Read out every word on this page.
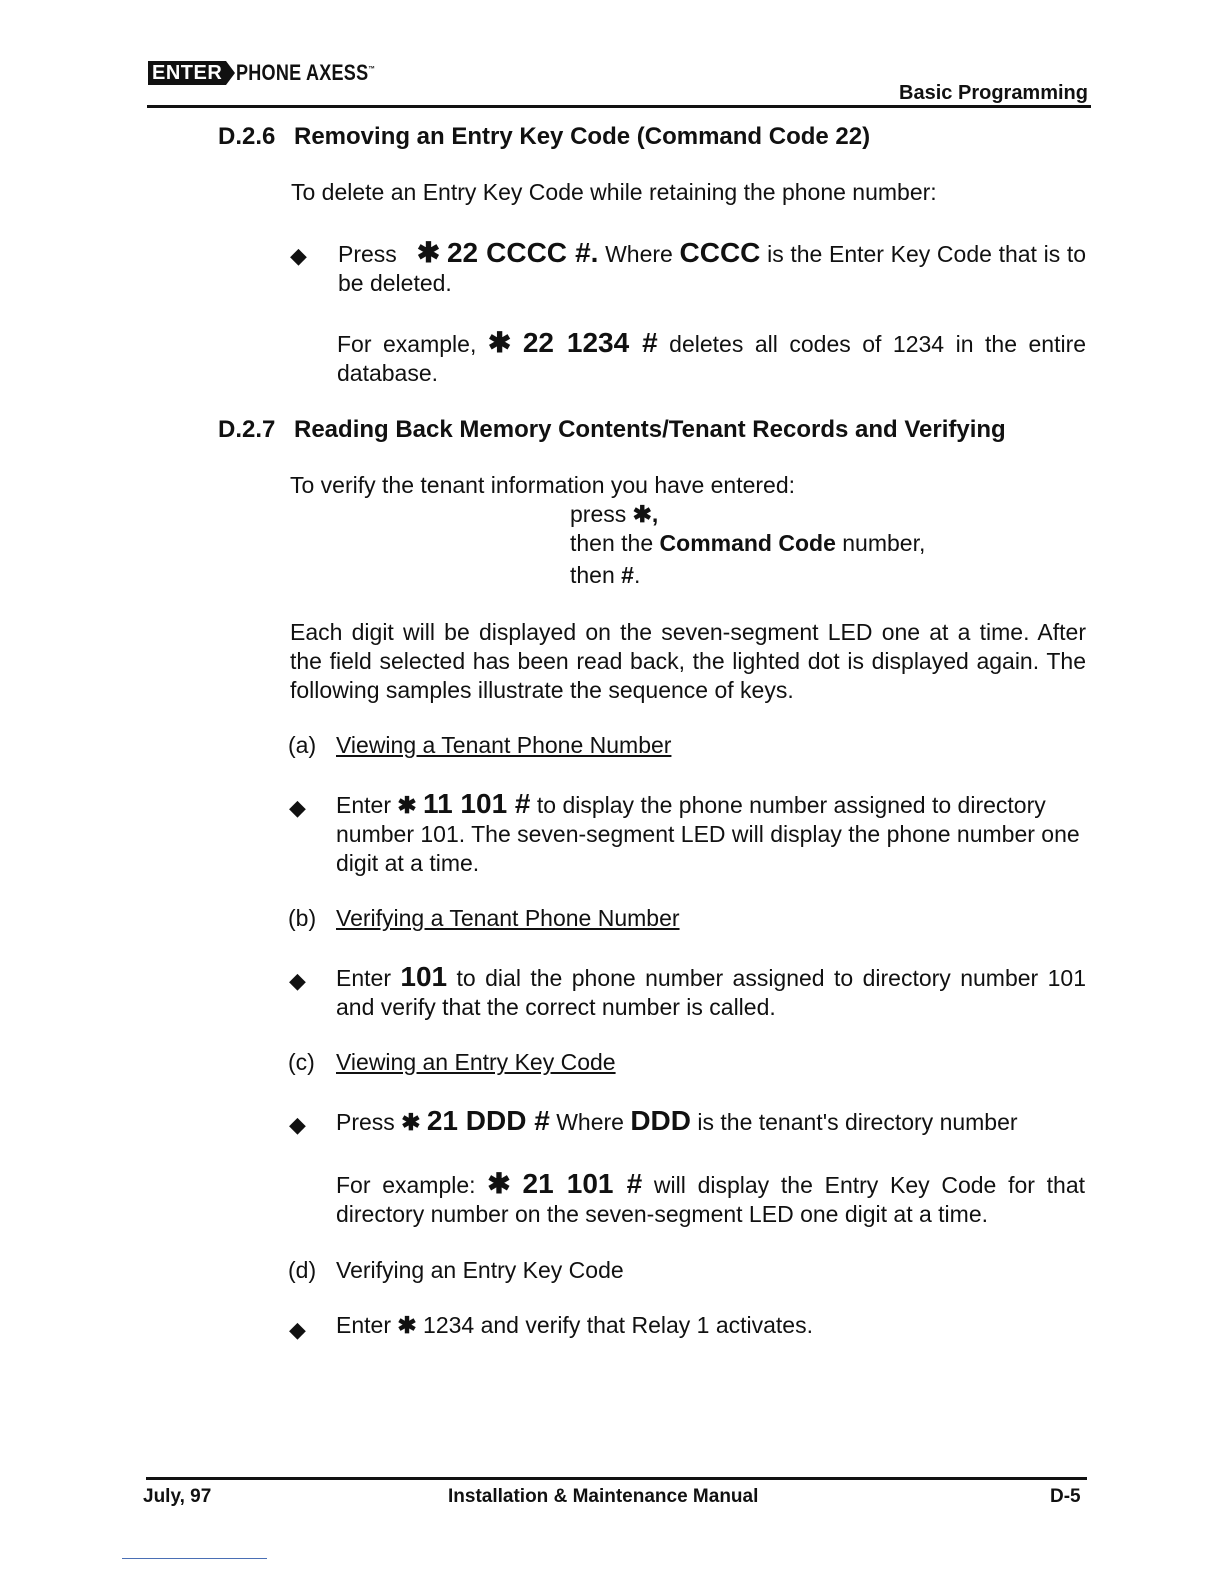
ENTER PHONE AXESS™
Basic Programming
D.2.6 Removing an Entry Key Code (Command Code 22)
To delete an Entry Key Code while retaining the phone number:
◆ Press ✱ 22 CCCC #. Where CCCC is the Enter Key Code that is to be deleted.
For example, ✱ 22 1234 # deletes all codes of 1234 in the entire database.
D.2.7 Reading Back Memory Contents/Tenant Records and Verifying
To verify the tenant information you have entered:
press ✱,
then the Command Code number,
then #.
Each digit will be displayed on the seven-segment LED one at a time. After the field selected has been read back, the lighted dot is displayed again. The following samples illustrate the sequence of keys.
(a) Viewing a Tenant Phone Number
◆ Enter ✱ 11 101 # to display the phone number assigned to directory number 101. The seven-segment LED will display the phone number one digit at a time.
(b) Verifying a Tenant Phone Number
◆ Enter 101 to dial the phone number assigned to directory number 101 and verify that the correct number is called.
(c) Viewing an Entry Key Code
◆ Press ✱ 21 DDD # Where DDD is the tenant's directory number
For example: ✱ 21 101 # will display the Entry Key Code for that directory number on the seven-segment LED one digit at a time.
(d) Verifying an Entry Key Code
◆ Enter ✱ 1234 and verify that Relay 1 activates.
July, 97	Installation & Maintenance Manual	D-5
